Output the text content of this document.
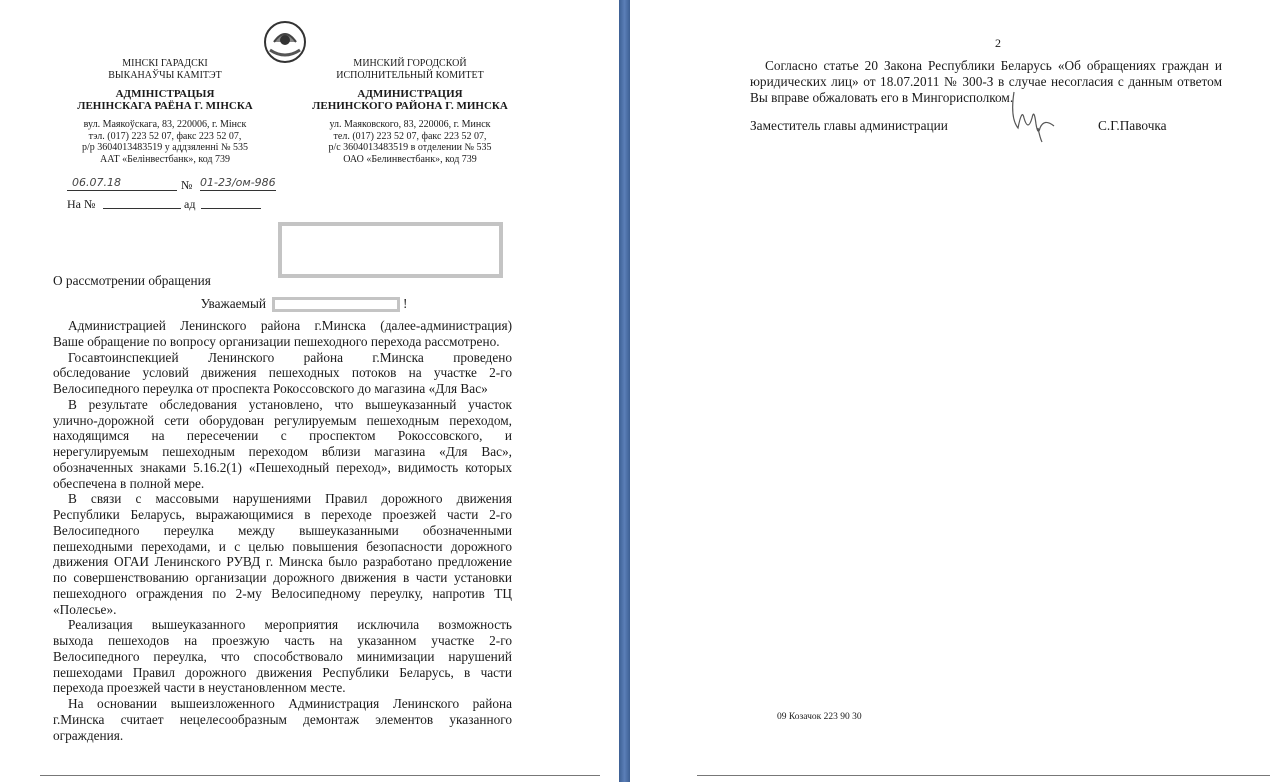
МІНСКІ ГАРАДСКІ
ВЫКАНАЎЧЫ КАМІТЭТ
АДМІНІСТРАЦЫЯ
ЛЕНІНСКАГА РАЁНА Г. МІНСКА
вул. Маякоўскага, 83, 220006, г. Мінск
тэл. (017) 223 52 07, факс 223 52 07,
р/р 3604013483519 у аддзяленні № 535
ААТ «Белінвестбанк», код 739
МИНСКИЙ ГОРОДСКОЙ
ИСПОЛНИТЕЛЬНЫЙ КОМИТЕТ
АДМИНИСТРАЦИЯ
ЛЕНИНСКОГО РАЙОНА Г. МИНСКА
ул. Маяковского, 83, 220006, г. Минск
тел. (017) 223 52 07, факс 223 52 07,
р/с 3604013483519 в отделении № 535
ОАО «Белинвестбанк», код 739
06.07.18	№ 01-23/ом-986
На №	ад
О рассмотрении обращения
Уважаемый	!
Администрацией Ленинского района г.Минска (далее-администрация)
Ваше обращение по вопросу организации пешеходного перехода рассмотрено.
Госавтоинспекцией Ленинского района г.Минска проведено
обследование условий движения пешеходных потоков на участке 2-го
Велосипедного переулка от проспекта Рокоссовского до магазина «Для Вас»
В результате обследования установлено, что вышеуказанный участок
улично-дорожной сети оборудован регулируемым пешеходным переходом,
находящимся на пересечении с проспектом Рокоссовского, и
нерегулируемым пешеходным переходом вблизи магазина «Для Вас»,
обозначенных знаками 5.16.2(1) «Пешеходный переход», видимость которых
обеспечена в полной мере.
В связи с массовыми нарушениями Правил дорожного движения
Республики Беларусь, выражающимися в переходе проезжей части 2-го
Велосипедного переулка между вышеуказанными обозначенными
пешеходными переходами, и с целью повышения безопасности дорожного
движения ОГАИ Ленинского РУВД г. Минска было разработано предложение
по совершенствованию организации дорожного движения в части установки
пешеходного ограждения по 2-му Велосипедному переулку, напротив ТЦ
«Полесье».
Реализация вышеуказанного мероприятия исключила возможность
выхода пешеходов на проезжую часть на указанном участке 2-го
Велосипедного переулка, что способствовало минимизации нарушений
пешеходами Правил дорожного движения Республики Беларусь, в части
перехода проезжей части в неустановленном месте.
На основании вышеизложенного Администрация Ленинского района
г.Минска считает нецелесообразным демонтаж элементов указанного
ограждения.
2
Согласно статье 20 Закона Республики Беларусь «Об обращениях граждан и
юридических лиц» от 18.07.2011 № 300-З в случае несогласия с данным ответом
Вы вправе обжаловать его в Мингорисполком.
Заместитель главы администрации	С.Г.Павочка
09 Козачок 223 90 30
